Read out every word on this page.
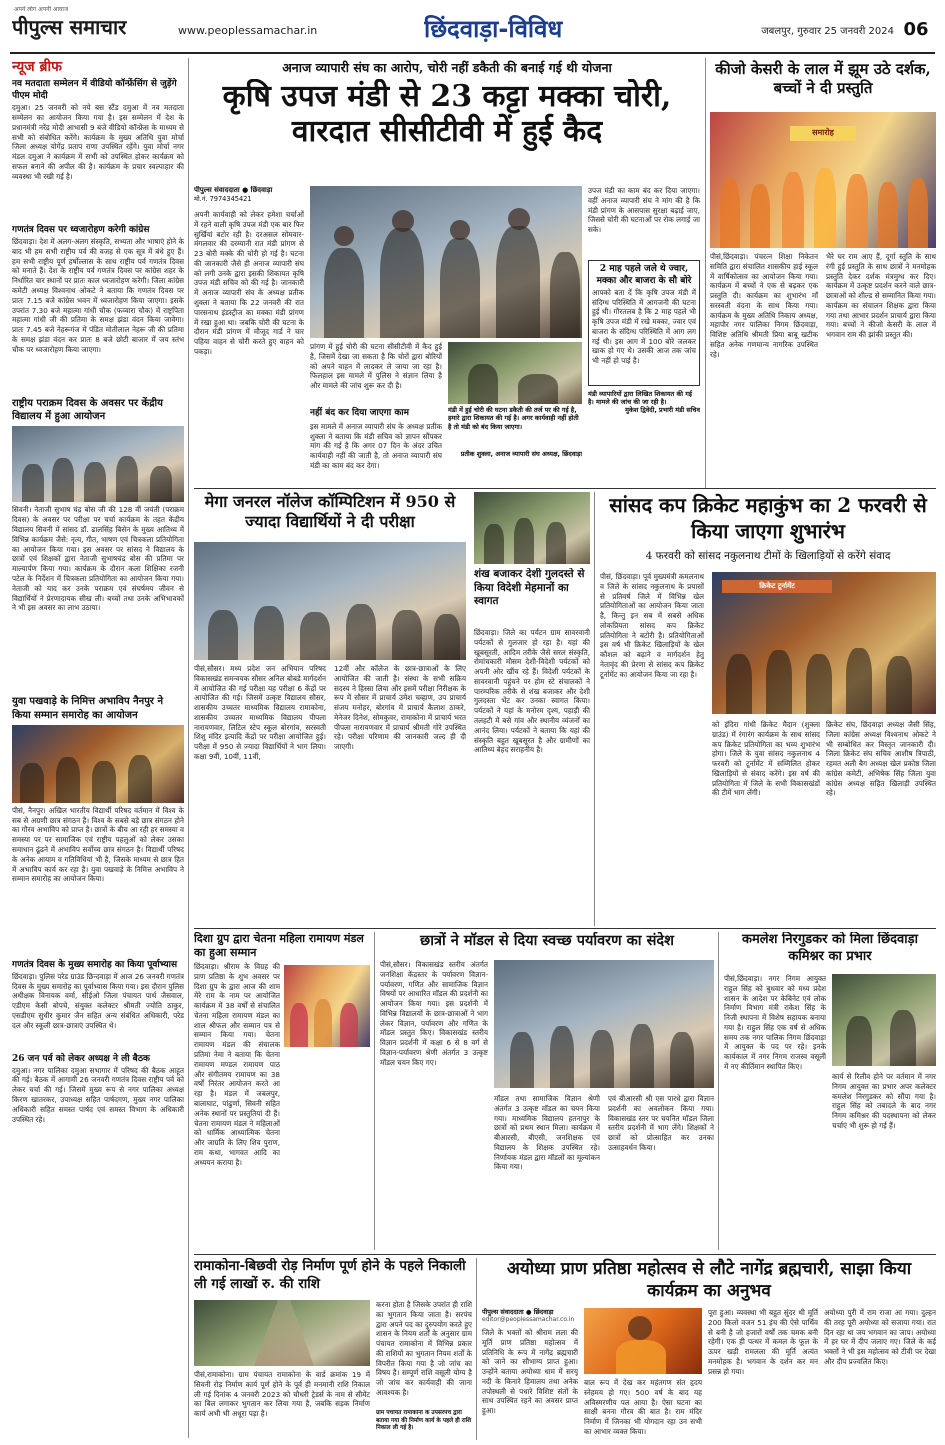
पीपुल्स समाचार
अपने लोग अपनी आवाज
www.peoplessamachar.in	छिंदवाड़ा-विविध	जबलपुर, गुरुवार 25 जनवरी 2024 06
न्यूज ब्रीफ
नव मतदाता सम्मेलन में वीडियो कॉन्फ्रेंसिंग से जुड़ेंगे पीएम मोदी
दमुआ। 25 जनवरी को नये बस स्टैंड दमुआ में नव मतदाता सम्मेलन का आयोजन किया गया है। इस सम्मेलन में देश के प्रधानमंत्री नरेंद्र मोदी आभासी 9 बजे वीडियो कॉन्फ्रेंस के माध्यम से सभी को संबोधित करेंगे। कार्यक्रम के मुख्य अतिथि युवा मोर्चा जिला अध्यक्ष योगेंद्र प्रताप राणा उपस्थित रहेंगे। युवा मोर्चा नगर मंडल दमुआ ने कार्यक्रम में सभी को उपस्थित होकर कार्यक्रम को सफल बनाने की अपील की है। कार्यक्रम के प्रचार स्वल्पाहार की व्यवस्था भी रखी गई है।
गणतंत्र दिवस पर ध्वजारोहण करेगी कांग्रेस
छिंदवाड़ा। देश में अलग-अलग संस्कृति, सभ्यता और भाषाएं होने के बाद भी हम सभी राष्ट्रीय पर्व की वजह से एक सूत्र में बंधे हुए हैं। हम सभी राष्ट्रीय पूर्ण हर्षोल्लास के साथ राष्ट्रीय पर्व गणतंत्र दिवस को मनाते हैं। देश के राष्ट्रीय पर्व गणतंत्र दिवस पर कांग्रेस शहर के निर्धारित चार स्थानों पर प्रातः काल ध्वजारोहण करेगी। जिला कांग्रेस कमेटी अध्यक्ष विश्वनाथ ओकटे ने बताया कि गणतंत्र दिवस पर प्रातः 7.15 बजे कांग्रेस भवन में ध्वजारोहण किया जाएगा। इसके उपरांत 7.30 बजे महात्मा गांधी चौक (फव्वारा चौक) में राष्ट्रपिता महात्मा गांधी जी की प्रतिमा के समक्ष झंडा वंदन किया जावेगा। प्रातः 7.45 बजे नेहरूगंज में पंडित मोतीलाल नेहरू जी की प्रतिमा के समक्ष झंडा वंदन कर प्रातः 8 बजे छोटी बाजार में जय स्तंभ चौक पर ध्वजारोहण किया जाएगा।
राष्ट्रीय पराक्रम दिवस के अवसर पर केंद्रीय विद्यालय में हुआ आयोजन
सिवनी। नेताजी सुभाष चंद्र बोस जी की 128 वीं जयंती (पराक्रम दिवस) के अवसर पर परीक्षा पर चर्चा कार्यक्रम के तहत केंद्रीय विद्यालय सिवनी में सांसद डॉ. ढालसिंह बिसेन के मुख्य आतिथ्य में विभिन्न कार्यक्रम जैसे: नृत्य, गीत, भाषण एवं चित्रकला प्रतियोगिता का आयोजन किया गया। इस अवसर पर सांसद ने विद्यालय के छात्रों एवं शिक्षकों द्वारा नेताजी सुभाषचंद्र बोस की प्रतिमा पर माल्यार्पण किया गया। कार्यक्रम के दौरान कला शिक्षिका रजनी पटेल के निर्देशन में चित्रकला प्रतियोगिता का आयोजन किया गया। नेताजी को याद कर उनके पराक्रम एवं संघर्षमय जीवन से विद्यार्थियों ने प्रेरणादायक सीख ली। बच्चों तथा उनके अभिभावकों ने भी इस अवसर का लाभ उठाया।
युवा पखवाड़े के निमित्त अभाविप नैनपुर ने किया सम्मान समारोह का आयोजन
पीसं, नैनपुर। अखिल भारतीय विद्यार्थी परिषद वर्तमान में विश्व के सब से अग्रणी छात्र संगठन है। विश्व के सबसे बड़े छात्र संगठन होने का गौरव अभाविप को प्राप्त है। छात्रों के बीच आ रही हर समस्या व समस्या पर पर सामाजिक एवं राष्ट्रीय पहलुओं को लेकर उसका समाधान ढूंढने में अभाविप सर्वोच्च छात्र संगठन है। विद्यार्थी परिषद के अनेक आयाम व गतिविधियां भी है, जिसके माध्यम से छात्र हित में अभाविप कार्य कर रहा है। युवा पखवाड़े के निमित्त अभाविप ने सम्मान समारोह का आयोजन किया।
गणतंत्र दिवस के मुख्य समारोह का किया पूर्वाभ्यास
छिंदवाड़ा। पुलिस परेड ग्राउंड छिन्दवाड़ा में आज 26 जनवरी गणतंत्र दिवस के मुख्य समारोह का पूर्वाभ्यास किया गया। इस दौरान पुलिस अधीक्षक विनायक वर्मा, सीईओ जिला पंचायत पार्थ जैसवाल, एडीएम केसी बोपचे, संयुक्त कलेक्टर श्रीमती ज्योति ठाकुर, एसडीएम सुधीर कुमार जैन सहित अन्य संबंधित अधिकारी, परेड दल और स्कूली छात्र-छात्राएं उपस्थित थे।
26 जन पर्व को लेकर अध्यक्ष ने ली बैठक
दमुआ। नगर पालिका दमुआ सभागार में परिषद की बैठक आहूत की गई। बैठक में आगामी 26 जनवरी गणतंत्र दिवस राष्ट्रीय पर्व को लेकर चर्चा की गई। जिसमें मुख्य रूप से नगर पालिका अध्यक्ष किरण खातरकर, उपाध्यक्ष सहित पार्षदगण, मुख्य नगर पालिका अधिकारी सहित समस्त पार्षद एवं समस्त विभाग के अधिकारी उपस्थित रहे।
अनाज व्यापारी संघ का आरोप, चोरी नहीं डकैती की बनाई गई थी योजना
कृषि उपज मंडी से 23 कट्टा मक्का चोरी, वारदात सीसीटीवी में हुई कैद
पीपुल्स संवाददाता ● छिंदवाड़ा
मो.नं. 7974345421
अपनी कार्यवाही को लेकर हमेशा चर्चाओं में रहने वाली कृषि उपज मंडी एक बार फिर सुर्खियां बटोर रही है। दरअसल सोमवार-मंगलवार की दरम्यानी रात मंडी प्रांगण से 23 बोरी मक्के की चोरी हो गई है। घटना की जानकारी जैसे ही अनाज व्यापारी संघ को लगी उनके द्वारा इसकी शिकायत कृषि उपज मंडी सचिव को की गई है। जानकारी में अनाज व्यापारी संघ के अध्यक्ष प्रतीक शुक्ला ने बताया कि 22 जनवरी की रात पारसनाथ इंडस्ट्रीज का मक्का मंडी प्रांगण में रखा हुआ था। जबकि चोरी की घटना के दौरान मंडी प्रांगण में मौजूद गार्ड ने चार पहिया वाहन से चोरी करते हुए वाहन को पकड़ा।
प्रांगण में हुई चोरी की घटना सीसीटीवी में कैद हुई है, जिसमें देखा जा सकता है कि चोरों द्वारा बोरियों को अपने वाहन में लादकर ले जाया जा रहा है। फिलहाल इस मामले में पुलिस ने संज्ञान लिया है और मामले की जांच शुरू कर दी है।
नहीं बंद कर दिया जाएगा काम
इस मामले में अनाज व्यापारी संघ के अध्यक्ष प्रतीक शुक्ला ने बताया कि मंडी सचिव को ज्ञापन सौंपकर मांग की गई है कि अगर 07 दिन के अंदर उचित कार्यवाही नहीं की जाती है, तो अनाज व्यापारी संघ मंडी का काम बंद कर देगा।
मंडी में हुई चोरी की घटना डकैती की तर्ज पर की गई है, हमारे द्वारा शिकायत की गई है। अगर कार्यवाही नहीं होती है तो मंडी को बंद किया जाएगा।
प्रतीक शुक्ला, अनाज व्यापारी संघ अध्यक्ष, छिंदवाड़ा
उपज मंडी का काम बंद कर दिया जाएगा। वहीं अनाज व्यापारी संघ ने मांग की है कि मंडी प्रांगण के आसपास सुरक्षा बढ़ाई जाए, जिससे चोरी की घटनाओं पर रोक लगाई जा सके।
2 माह पहले जले थे ज्वार, मक्का और बाजरा के सौ बोरे
आपको बता दें कि कृषि उपज मंडी में संदिग्ध परिस्थिति में आगजनी की घटना हुई थी। गौरतलब है कि 2 माह पहले भी कृषि उपज मंडी में रखे मक्का, ज्वार एवं बाजरा के संदिग्ध परिस्थिति में आग लग गई थी। इस आग में 100 बोरे जलकर खाक हो गए थे। उसकी आज तक जांच भी नहीं हो पाई है।
मंडी व्यापारियों द्वारा लिखित शिकायत की गई है। मामले की जांच की जा रही है।
मुकेश द्विवेदी, प्रभारी मंडी सचिव
कीजो केसरी के लाल में झूम उठे दर्शक, बच्चों ने दी प्रस्तुति
समारोह
पीसं,छिंदवाड़ा। पंचरत्न शिक्षा निकेतन समिति द्वारा संचालित शासकीय हाई स्कूल में वार्षिकोत्सव का आयोजन किया गया। कार्यक्रम में बच्चों ने एक से बढ़कर एक प्रस्तुति दी। कार्यक्रम का शुभारंभ माँ सरस्वती वंदना के साथ किया गया। कार्यक्रम के मुख्य अतिथि निकाय अध्यक्ष, महापौर नगर पालिका निगम छिंदवाड़ा, विशिष्ट अतिथि श्रीमती प्रिया बाबू खटीक सहित अनेक गणमान्य नागरिक उपस्थित रहे।
भैरे घर राम आए हैं, दूर्गा स्तुति के साथ रंगी हुई प्रस्तुति के साथ छात्रों ने मनमोहक प्रस्तुति देकर दर्शक मंत्रमुग्ध कर दिए। कार्यक्रम में उत्कृष्ट प्रदर्शन करने वाले छात्र-छात्राओं को शील्ड से सम्मानित किया गया। कार्यक्रम का संचालन शिक्षक द्वारा किया गया तथा आभार प्रदर्शन प्राचार्य द्वारा किया गया। बच्चों ने कीजो केसरी के लाल में भगवान राम की झांकी प्रस्तुत की।
मेगा जनरल नॉलेज कॉम्पिटिशन में 950 से ज्यादा विद्यार्थियों ने दी परीक्षा
पीसं,सौसर। मध्य प्रदेश जन अभियान परिषद विकासखंड समन्वयक सौसर अनिल बोबडे मार्गदर्शन में आयोजित की गई परीक्षा यह परीक्षा 6 केंद्रों पर आयोजित की गई। जिसमें उत्कृष्ट विद्यालय सौसर, शासकीय उच्चतर माध्यमिक विद्यालय रामाकोना, शासकीय उच्चतर माध्यमिक विद्यालय पीपला नारायणवार, लिटिल स्टेप स्कूल बोरगांव, सरस्वती शिशु मंदिर इत्यादि केंद्रों पर परीक्षा आयोजित हुई। परीक्षा में 950 से ज्यादा विद्यार्थियों ने भाग लिया। कक्षा 9वीं, 10वीं, 11वीं,
12वीं और कॉलेज के छात्र-छात्राओं के लिए आयोजित की जाती है। संस्था के सभी सक्रिय सदस्य ने हिस्सा लिया और इसमें परीक्षा निरीक्षक के रूप में सौसर में प्राचार्य उमेश चव्हाण, उप प्राचार्य संजय मनोहर, बोरगांव में प्राचार्य कैलाश ठाकरे, मेनेजर दिनेश, सोमकुवर, रामाकोना में प्राचार्य भरत पीपला नारायणवार में प्राचार्य श्रीमती गोरे उपस्थित रहे। परीक्षा परिणाम की जानकारी जल्द ही दी जाएगी।
शंख बजाकर देशी गुलदस्ते से किया विदेशी मेहमानों का स्वागत
छिंदवाड़ा। जिले का पर्यटन ग्राम सावरवानी पर्यटकों से गुलजार हो रहा है। यहां की खूबसूरती, आदिम तरीके जैसे सरल संस्कृति, रोमांचकारी मौसम देशी-विदेशी पर्यटकों को अपनी ओर खींच रहे हैं। विदेशी पर्यटकों के सावरवानी पहुंचने पर होम स्टे संचालकों ने पारम्परिक तरीके से शंख बजाकर और देशी गुलदस्ता भेंट कर उनका स्वागत किया। पर्यटकों ने यहां के मनोरम दृश्य, पहाड़ी की तलहटी में बसे गांव और स्थानीय व्यंजनों का आनंद लिया। पर्यटकों ने बताया कि यहां की संस्कृति बहुत खूबसूरत है और ग्रामीणों का आतिथ्य बेहद सराहनीय है।
सांसद कप क्रिकेट महाकुंभ का 2 फरवरी से किया जाएगा शुभारंभ
4 फरवरी को सांसद नकुलनाथ टीमों के खिलाड़ियों से करेंगे संवाद
पीसं, छिंदवाड़ा। पूर्व मुख्यमंत्री कमलनाथ व जिले के सांसद नकुलनाथ के प्रयासों से प्रतिवर्ष जिले में विभिन्न खेल प्रतियोगिताओं का आयोजन किया जाता है, किन्तु इन सब में सबसे अधिक लोकप्रियता सांसद कप क्रिकेट प्रतियोगिता ने बटोरी है। प्रतियोगिताओं इस वर्ष भी क्रिकेट खिलाड़ियों के खेल कौशल को बढ़ाने व मार्गदर्शन हेतु नेतावृंद की प्रेरणा से सांसद कप क्रिकेट टूर्नामेंट का आयोजन किया जा रहा है।
क्रिकेट टूर्नामेंट
को इंदिरा गांधी क्रिकेट मैदान (शुक्ला ग्राउंड) में रंगारंग कार्यक्रम के साथ सांसद कप क्रिकेट प्रतियोगिता का भव्य शुभारंभ होगा। जिले के युवा सांसद नकुलनाथ 4 फरवरी को टूर्नामेंट में सम्मिलित होकर खिलाड़ियों से संवाद करेंगे। इस वर्ष की प्रतियोगिता में जिले के सभी विकासखंडों की टीमें भाग लेंगी।
क्रिकेट संघ, छिंदवाड़ा अध्यक्ष जैसी सिंह, जिला कांग्रेस अध्यक्ष विश्वनाथ ओकटे ने भी सम्बोधित कर विस्तृत जानकारी दी। जिला क्रिकेट संघ सचिव आशीष त्रिपाठी, रहमत अली बैग अध्यक्ष खेल प्रकोष्ठ जिला कांग्रेस कमेटी, अभिषेक सिंह जिला युवा कांग्रेस अध्यक्ष सहित खिलाड़ी उपस्थित रहे।
दिशा ग्रुप द्वारा चेतना महिला रामायण मंडल का हुआ सम्मान
छिंदवाड़ा। श्रीराम के विग्रह की प्राण प्रतिष्ठा के शुभ अवसर पर दिशा ग्रुप के द्वारा आज की शाम मेरे राम के नाम पर आयोजित कार्यक्रम में 38 वर्षों से संचालित चेतना महिला रामायण मंडल का शाल श्रीफल और सम्मान पत्र से सम्मान किया गया। चेतना रामायण मंडल की संचालक प्रतिमा नेमा ने बताया कि चेतना रामायण मण्डल रामायण पाठ और संगीतमय रामायण का 38 वर्षों निरंतर आयोजन करते आ रहा है। मंडल में जबलपुर, बालाघाट, पांढुर्णा, सिवनी सहित अनेक स्थानों पर प्रस्तुतियां दी हैं। चेतना रामायण मंडल ने महिलाओं को धार्मिक आध्यात्मिक चेतना और जाग्रति के लिए शिव पुराण, राम कथा, भागवत आदि का अध्ययन कराया है।
छात्रों ने मॉडल से दिया स्वच्छ पर्यावरण का संदेश
पीसं,सौसर। विकासखंड स्तरीय अंतर्गत जनशिक्षा केंद्रस्तर के पर्यावरण विज्ञान-पर्यावरण, गणित और सामाजिक विज्ञान विषयों पर आधारित मॉडल की प्रदर्शनी का आयोजन किया गया। इस प्रदर्शनी में विभिन्न विद्यालयों के छात्र-छात्राओं ने भाग लेकर विज्ञान, पर्यावरण और गणित के मॉडल प्रस्तुत किए। विकासखंड स्तरीय विज्ञान प्रदर्शनी में कक्षा 6 से 8 वर्ग से विज्ञान-पर्यावरण श्रेणी अंतर्गत 3 उत्कृष्ट मॉडल चयन किए गए।
मॉडल तथा सामाजिक विज्ञान श्रेणी अंतर्गत 3 उत्कृष्ट मॉडल का चयन किया गया। माध्यमिक विद्यालय हतनापुर के छात्रों को प्रथम स्थान मिला। कार्यक्रम में बीआरसी, बीएसी, जनशिक्षक एवं विद्यालय के शिक्षक उपस्थित रहे। निर्णायक मंडल द्वारा मॉडलों का मूल्यांकन किया गया।
एवं बीआरसी श्री एस पारधे द्वारा विज्ञान प्रदर्शनी का अवलोकन किया गया। विकासखंड स्तर पर चयनित मॉडल जिला स्तरीय प्रदर्शनी में भाग लेंगे। शिक्षकों ने छात्रों को प्रोत्साहित कर उनका उत्साहवर्धन किया।
कमलेश निरगुडकर को मिला छिंदवाड़ा कमिश्नर का प्रभार
पीसं,छिंदवाड़ा। नगर निगम आयुक्त राहुल सिंह को बुधवार को मध्य प्रदेश शासन के आदेश पर केबिनेट एवं लोक निर्माण विभाग मंत्री राकेश सिंह के निजी स्थापना में विशेष सहायक बनाया गया है। राहुल सिंह एक वर्ष से अधिक समय तक नगर पालिक निगम छिंदवाड़ा में आयुक्त के पद पर रहे। इनके कार्यकाल में नगर निगम राजस्व वसूली में नए कीर्तिमान स्थापित किए।
कार्य से रिलीव होने पर वर्तमान में नगर निगम आयुक्त का प्रभार अपर कलेक्टर कमलेश निरगुडकर को सौंपा गया है। राहुल सिंह को तबादले के बाद नगर निगम कमिश्नर की पदस्थापना को लेकर चर्चाएं भी शुरू हो गई हैं।
रामाकोना-बिछवी रोड़ निर्माण पूर्ण होने के पहले निकाली ली गई लाखों रु. की राशि
पीसं,रामाकोना। ग्राम पंचायत रामाकोना के वार्ड क्रमांक 19 में सिवनी रोड़ निर्माण कार्य पूर्ण होने के पूर्व ही मनमानी राशि निकाल ली गई दिनांक 4 जनवरी 2023 को चौधरी ट्रेडर्स के नाम से सीमेंट का बिल लगाकर भुगतान कर लिया गया है, जबकि सड़क निर्माण कार्य अभी भी अधूरा पड़ा है।
करना होता है जिसके उपरांत ही राशि का भुगतान किया जाता है। सरपंच द्वारा अपने पद का दुरुपयोग करते हुए शासन के नियम शर्तों के अनुसार ग्राम पंचायत रामाकोना में विभिन्न प्रकार की राशियों का भुगतान नियम शर्तों के विपरीत किया गया है जो जांच का विषय है। सम्पूर्ण राशि वसूली योग्य है जो जांच कर कार्यवाही की जाना आवश्यक है।
ग्राम पंचायत रामाकोना के उपसरपंच द्वारा बताया गया की निर्माण कार्य के पहले ही राशि निकाल ली गई है।
अयोध्या प्राण प्रतिष्ठा महोत्सव से लौटे नागेंद्र ब्रह्मचारी, साझा किया कार्यक्रम का अनुभव
पीपुल्स संवाददाता ● छिंदवाड़ा
editor@peoplessamachar.co.in
जिले के भक्तों को श्रीराम लला की मूर्ति प्राण प्रतिष्ठा महोत्सव में प्रतिनिधि के रूप में नागेंद्र ब्रह्मचारी को जाने का सौभाग्य प्राप्त हुआ। उन्होंने बताया अयोध्या धाम में सरयू नदी के किनारे हिमालय तथा अनेक तपोस्थली से पधारे विशिष्ट संतों के साथ उपस्थित रहने का अवसर प्राप्त हुआ।
बाल रूप में देख कर महंतगण संत हृदय स्नेहमय हो गए। 500 वर्ष के बाद यह अविस्मरणीय पल आया है। ऐसा घटना का साक्षी बनना गौरव की बात है। राम मंदिर निर्माण में जिनका भी योगदान रहा उन सभी का आभार व्यक्त किया।
पूरा हुआ। व्यवस्था भी बहुत सुंदर थी मूर्ति 200 किलो वजन 51 इंच की ऐसे पार्थिव से बनी है जो हजारों वर्षों तक चमक बनी रहेगी। एक ही पत्थर में कमल के फूल के ऊपर खड़ी रामलला की मूर्ति अत्यंत मनमोहक है। भगवान के दर्शन कर मन प्रसन्न हो गया।
अयोध्या पुरी में राम राजा आ गया। दुल्हन की तरह पूरी अयोध्या को सजाया गया। रात दिन रहा था जय भगवान का जाप। अयोध्या में हर घर में दीप जलाए गए। जिले के कई भक्तों ने भी इस महोत्सव को टीवी पर देखा और दीप प्रज्वलित किए।
